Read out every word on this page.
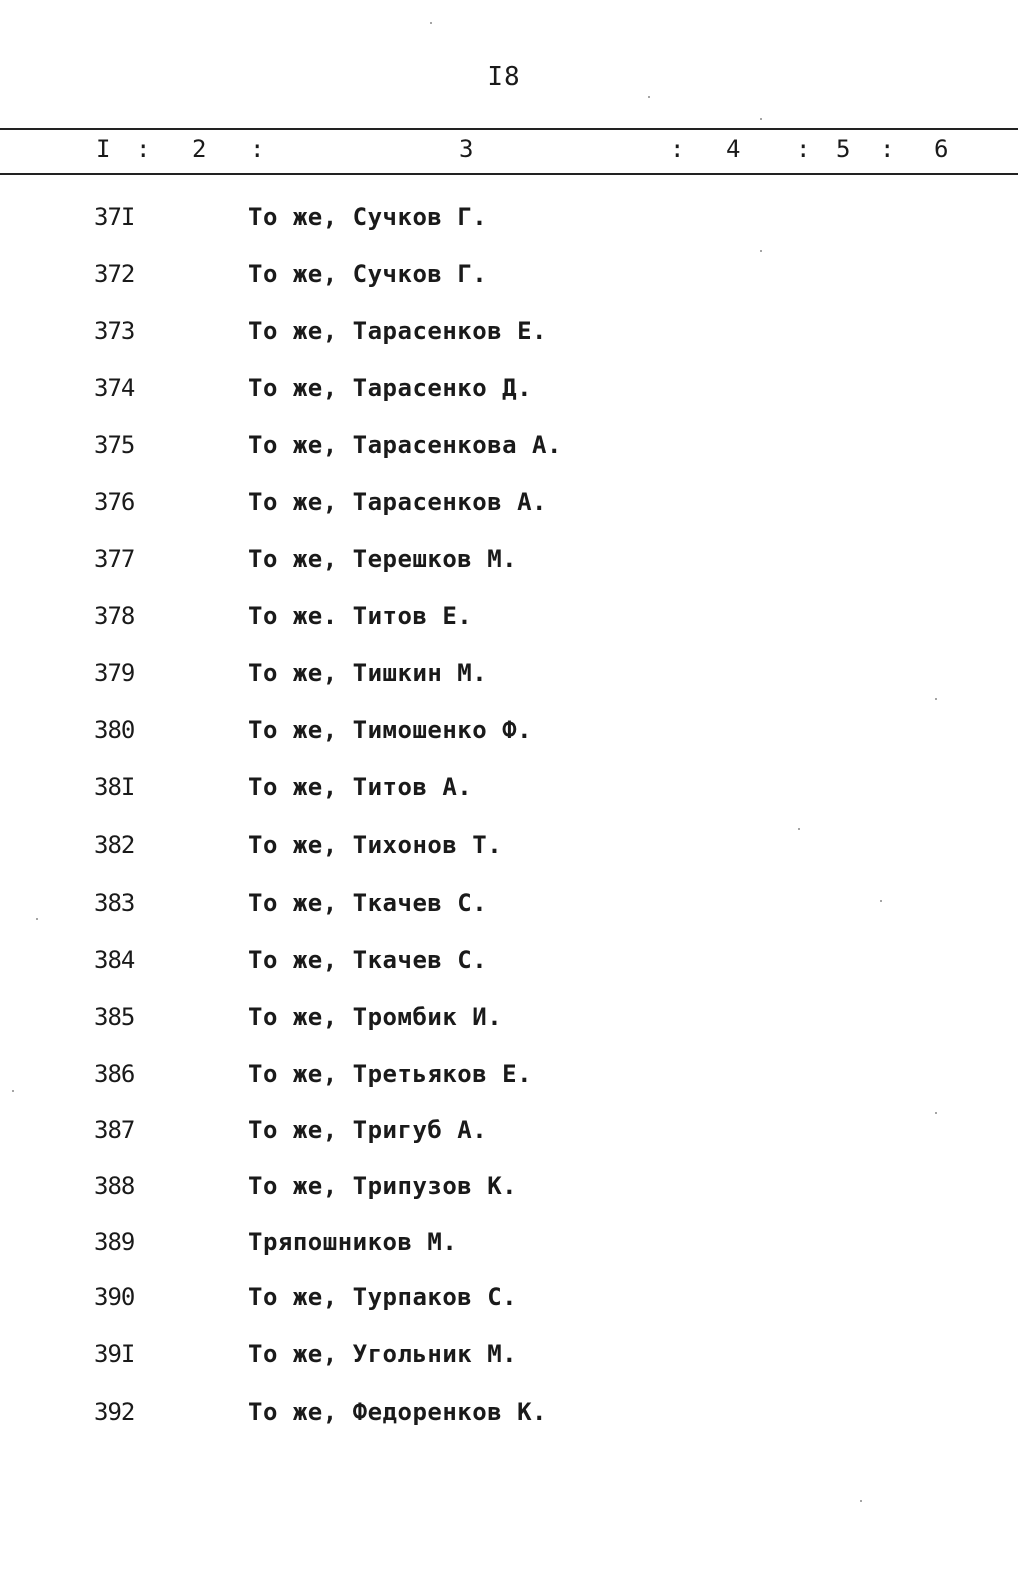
I8
I : 2 :	3	: 4 : 5 : 6
37I	То же, Сучков Г.
372	То же, Сучков Г.
373	То же, Тарасенков Е.
374	То же, Тарасенко Д.
375	То же, Тарасенкова А.
376	То же, Тарасенков А.
377	То же, Терешков М.
378	То же. Титов Е.
379	То же, Тишкин М.
380	То же, Тимошенко Ф.
38I	То же, Титов А.
382	То же, Тихонов Т.
383	То же, Ткачев С.
384	То же, Ткачев С.
385	То же, Тромбик И.
386	То же, Третьяков Е.
387	То же, Тригуб А.
388	То же, Трипузов К.
389	Тряпошников М.
390	То же, Турпаков С.
39I	То же, Угольник М.
392	То же, Федоренков К.
